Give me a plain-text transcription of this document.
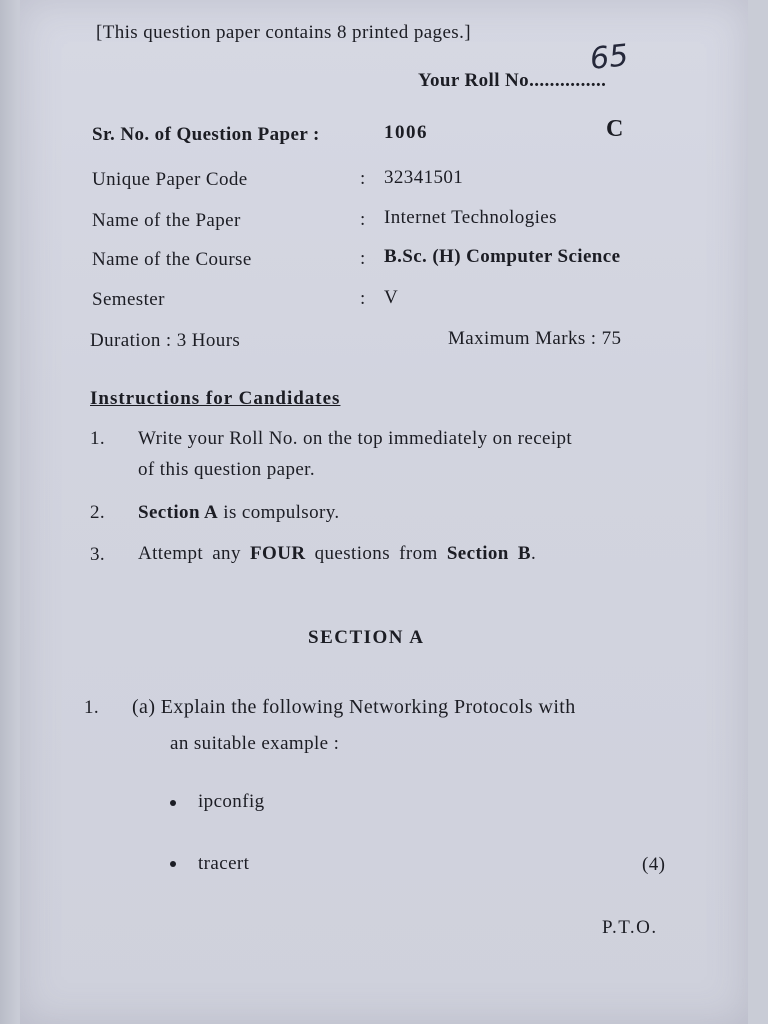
[This question paper contains 8 printed pages.]
Your Roll No...............
65
Sr. No. of Question Paper :	1006	C
Unique Paper Code	: 32341501
Name of the Paper	: Internet Technologies
Name of the Course	: B.Sc. (H) Computer Science
Semester	: V
Duration : 3 Hours	Maximum Marks : 75
Instructions for Candidates
1. Write your Roll No. on the top immediately on receipt
of this question paper.
2. Section A is compulsory.
3. Attempt any FOUR questions from Section B.
SECTION A
1. (a) Explain the following Networking Protocols with
an suitable example :
ipconfig
tracert	(4)
P.T.O.
